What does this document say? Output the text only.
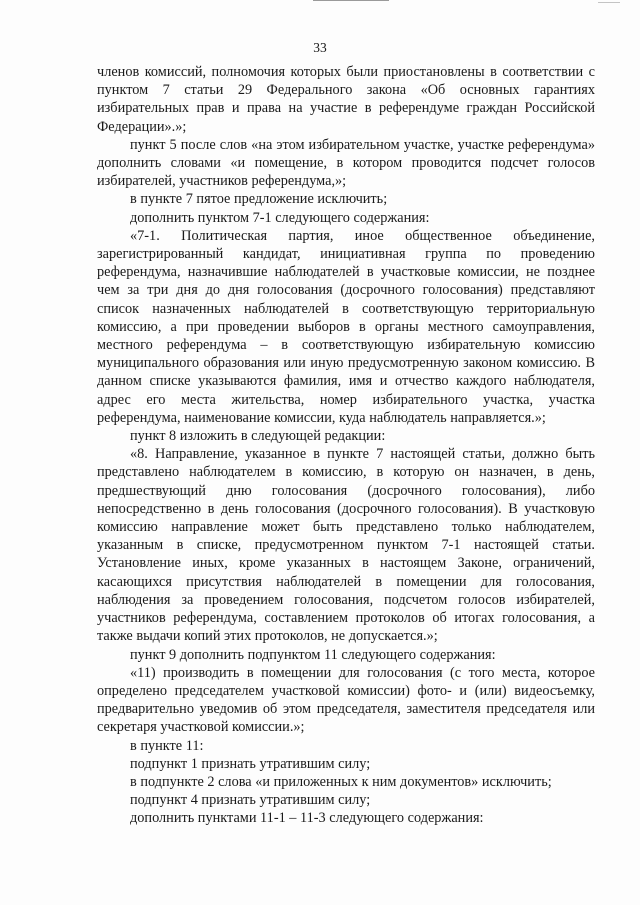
33

членов комиссий, полномочия которых были приостановлены в соответствии с пунктом 7 статьи 29 Федерального закона «Об основных гарантиях избирательных прав и права на участие в референдуме граждан Российской Федерации».»;

пункт 5 после слов «на этом избирательном участке, участке референдума» дополнить словами «и помещение, в котором проводится подсчет голосов избирателей, участников референдума,»;

в пункте 7 пятое предложение исключить;

дополнить пунктом 7-1 следующего содержания:

«7-1. Политическая партия, иное общественное объединение, зарегистрированный кандидат, инициативная группа по проведению референдума, назначившие наблюдателей в участковые комиссии, не позднее чем за три дня до дня голосования (досрочного голосования) представляют список назначенных наблюдателей в соответствующую территориальную комиссию, а при проведении выборов в органы местного самоуправления, местного референдума – в соответствующую избирательную комиссию муниципального образования или иную предусмотренную законом комиссию. В данном списке указываются фамилия, имя и отчество каждого наблюдателя, адрес его места жительства, номер избирательного участка, участка референдума, наименование комиссии, куда наблюдатель направляется.»;

пункт 8 изложить в следующей редакции:

«8. Направление, указанное в пункте 7 настоящей статьи, должно быть представлено наблюдателем в комиссию, в которую он назначен, в день, предшествующий дню голосования (досрочного голосования), либо непосредственно в день голосования (досрочного голосования). В участковую комиссию направление может быть представлено только наблюдателем, указанным в списке, предусмотренном пунктом 7-1 настоящей статьи. Установление иных, кроме указанных в настоящем Законе, ограничений, касающихся присутствия наблюдателей в помещении для голосования, наблюдения за проведением голосования, подсчетом голосов избирателей, участников референдума, составлением протоколов об итогах голосования, а также выдачи копий этих протоколов, не допускается.»;

пункт 9 дополнить подпунктом 11 следующего содержания:

«11) производить в помещении для голосования (с того места, которое определено председателем участковой комиссии) фото- и (или) видеосъемку, предварительно уведомив об этом председателя, заместителя председателя или секретаря участковой комиссии.»;

в пункте 11:

подпункт 1 признать утратившим силу;

в подпункте 2 слова «и приложенных к ним документов» исключить;

подпункт 4 признать утратившим силу;

дополнить пунктами 11-1 – 11-3 следующего содержания:
